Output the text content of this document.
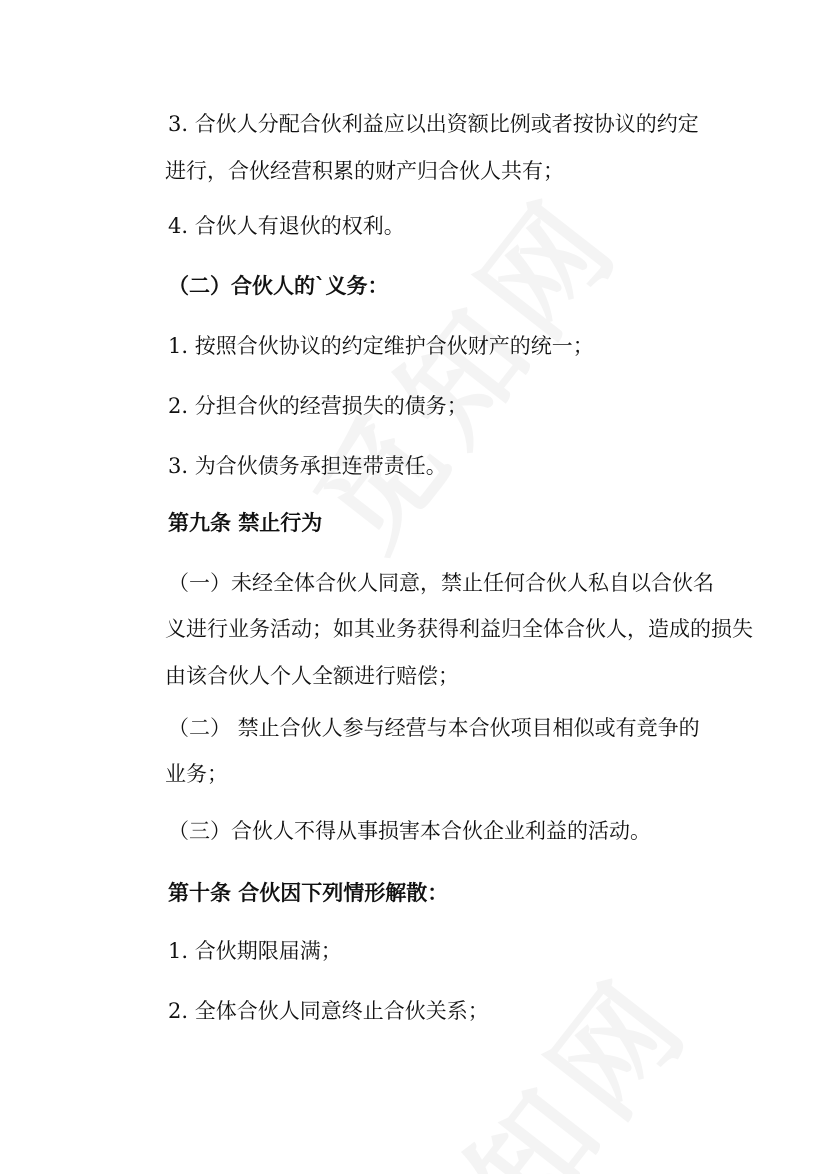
3. 合伙人分配合伙利益应以出资额比例或者按协议的约定
进行，合伙经营积累的财产归合伙人共有；
4. 合伙人有退伙的权利。
（二）合伙人的`义务：
1. 按照合伙协议的约定维护合伙财产的统一；
2. 分担合伙的经营损失的债务；
3. 为合伙债务承担连带责任。
第九条 禁止行为
（一）未经全体合伙人同意，禁止任何合伙人私自以合伙名
义进行业务活动；如其业务获得利益归全体合伙人，造成的损失
由该合伙人个人全额进行赔偿；
（二） 禁止合伙人参与经营与本合伙项目相似或有竞争的
业务；
（三）合伙人不得从事损害本合伙企业利益的活动。
第十条 合伙因下列情形解散：
1. 合伙期限届满；
2. 全体合伙人同意终止合伙关系；
